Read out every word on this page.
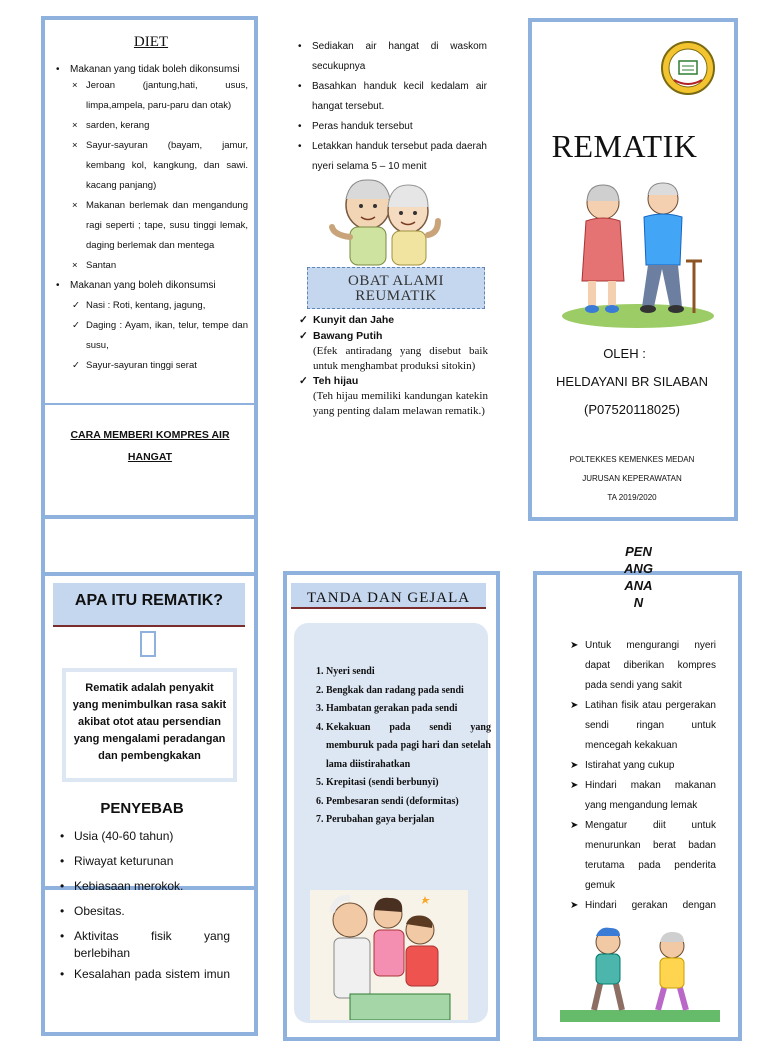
DIET
• Makanan yang tidak boleh dikonsumsi
× Jeroan (jantung,hati, usus, limpa,ampela, paru-paru dan otak)
× sarden, kerang
× Sayur-sayuran (bayam, jamur, kembang kol, kangkung, dan sawi. kacang panjang)
× Makanan berlemak dan mengandung ragi seperti ; tape, susu tinggi lemak, daging berlemak dan mentega
× Santan
• Makanan yang boleh dikonsumsi
✓ Nasi : Roti, kentang, jagung,
✓ Daging : Ayam, ikan, telur, tempe dan susu,
✓ Sayur-sayuran tinggi serat
CARA MEMBERI KOMPRES AIR HANGAT
• Sediakan air hangat di waskom secukupnya
• Basahkan handuk kecil kedalam air hangat tersebut.
• Peras handuk tersebut
• Letakkan handuk tersebut pada daerah nyeri selama 5 – 10 menit
OBAT ALAMI REUMATIK
✓ Kunyit dan Jahe
✓ Bawang Putih
(Efek antiradang yang disebut baik untuk menghambat produksi sitokin)
✓ Teh hijau
(Teh hijau memiliki kandungan katekin yang penting dalam melawan rematik.)
REMATIK
OLEH :
HELDAYANI BR SILABAN
(P07520118025)
POLTEKKES KEMENKES MEDAN
JURUSAN KEPERAWATAN
TA 2019/2020
APA ITU REMATIK?
Rematik adalah penyakit yang menimbulkan rasa sakit akibat otot atau persendian yang mengalami peradangan dan pembengkakan
PENYEBAB
• Usia (40-60 tahun)
• Riwayat keturunan
• Kebiasaan merokok.
• Obesitas.
• Aktivitas fisik yang berlebihan
• Kesalahan pada sistem imun
TANDA DAN GEJALA
1. Nyeri sendi
2. Bengkak dan radang pada sendi
3. Hambatan gerakan pada sendi
4. Kekakuan pada sendi yang memburuk pada pagi hari dan setelah lama diistirahatkan
5. Krepitasi (sendi berbunyi)
6. Pembesaran sendi (deformitas)
7. Perubahan gaya berjalan
PEN
ANG
ANA
N
➤ Untuk mengurangi nyeri dapat diberikan kompres pada sendi yang sakit
➤ Latihan fisik atau pergerakan sendi ringan untuk mencegah kekakuan
➤ Istirahat yang cukup
➤ Hindari makan makanan yang mengandung lemak
➤ Mengatur diit untuk menurunkan berat badan terutama pada penderita gemuk
➤ Hindari gerakan dengan
